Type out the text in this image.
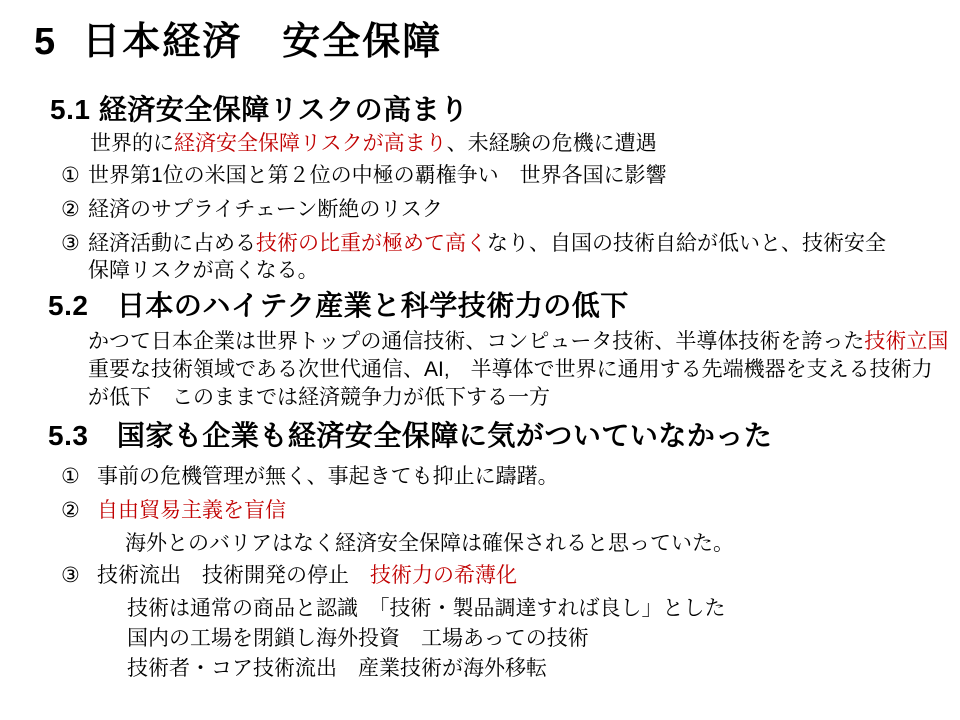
5  日本経済　安全保障
5.1 経済安全保障リスクの高まり
世界的に経済安全保障リスクが高まり、未経験の危機に遭遇
① 世界第1位の米国と第２位の中極の覇権争い　世界各国に影響
② 経済のサプライチェーン断絶のリスク
③ 経済活動に占める技術の比重が極めて高くなり、自国の技術自給が低いと、技術安全保障リスクが高くなる。
5.2　日本のハイテク産業と科学技術力の低下
かつて日本企業は世界トップの通信技術、コンピュータ技術、半導体技術を誇った技術立国
重要な技術領域である次世代通信、AI,　半導体で世界に通用する先端機器を支える技術力
が低下　このままでは経済競争力が低下する一方
5.3　国家も企業も経済安全保障に気がついていなかった
① 事前の危機管理が無く、事起きても抑止に躊躇。
② 自由貿易主義を盲信
海外とのバリアはなく経済安全保障は確保されると思っていた。
③ 技術流出　技術開発の停止　技術力の希薄化
技術は通常の商品と認識　「技術・製品調達すれば良し」とした
国内の工場を閉鎖し海外投資　工場あっての技術
技術者・コア技術流出　産業技術が海外移転
